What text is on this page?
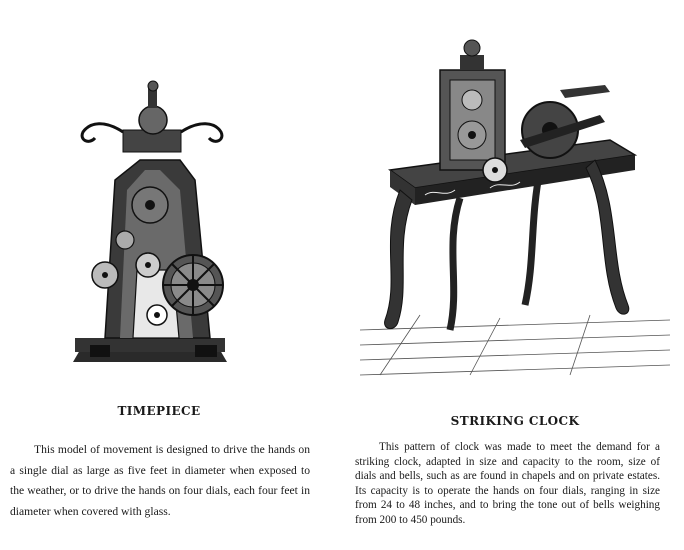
TIMEPIECE

This model of movement is designed to drive the hands on a single dial as large as five feet in diameter when exposed to the weather, or to drive the hands on four dials, each four feet in diameter when covered with glass.

STRIKING CLOCK

This pattern of clock was made to meet the demand for a striking clock, adapted in size and capacity to the room, size of dials and bells, such as are found in chapels and on private estates. Its capacity is to operate the hands on four dials, ranging in size from 24 to 48 inches, and to bring the tone out of bells weighing from 200 to 450 pounds.
